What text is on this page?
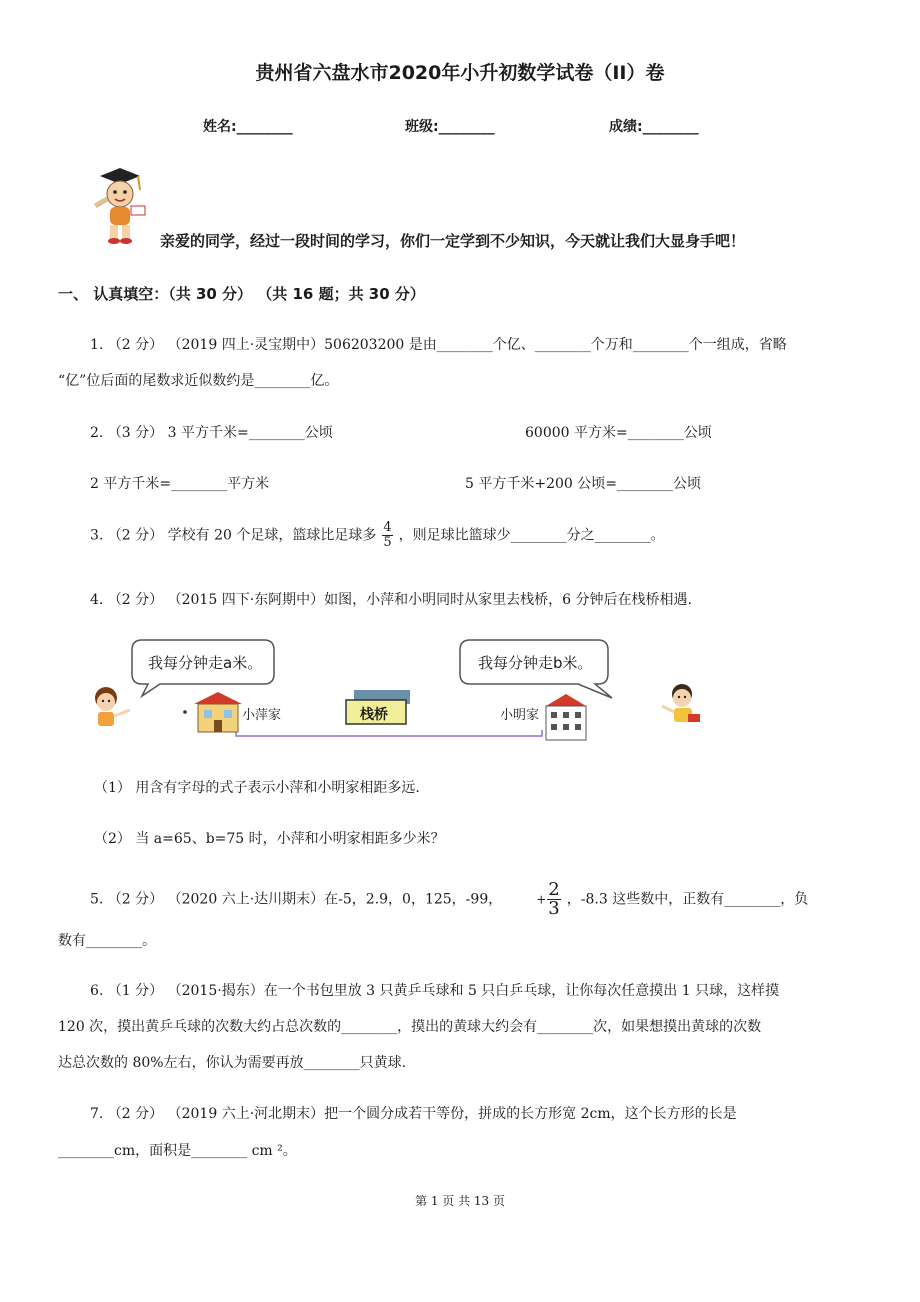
贵州省六盘水市2020年小升初数学试卷（II）卷
姓名:________	班级:________	成绩:________
亲爱的同学，经过一段时间的学习，你们一定学到不少知识，今天就让我们大显身手吧！
一、 认真填空：（共 30 分） （共 16 题；共 30 分）
1. （2 分） （2019 四上·灵宝期中）506203200 是由________个亿、________个万和________个一组成，省略
“亿”位后面的尾数求近似数约是________亿。
2. （3 分） 3 平方千米=________公顷	60000 平方米=________公顷
2 平方千米=________平方米	5 平方千米+200 公顷=________公顷
3. （2 分） 学校有 20 个足球，篮球比足球多 $\frac{4}{5}$ ，则足球比篮球少________分之________。
4. （2 分） （2015 四下·东阿期中）如图，小萍和小明同时从家里去栈桥，6 分钟后在栈桥相遇.
我每分钟走a米。	我每分钟走b米。
小萍家	栈桥	小明家
（1） 用含有字母的式子表示小萍和小明家相距多远.
（2） 当 a=65、b=75 时，小萍和小明家相距多少米？
5. （2 分） （2020 六上·达川期末）在-5，2.9，0，125，-99，	+ $\frac{2}{3}$ ，-8.3 这些数中，正数有________，负
数有________。
6. （1 分） （2015·揭东）在一个书包里放 3 只黄乒乓球和 5 只白乒乓球，让你每次任意摸出 1 只球，这样摸
120 次，摸出黄乒乓球的次数大约占总次数的________，摸出的黄球大约会有________次，如果想摸出黄球的次数
达总次数的 80%左右，你认为需要再放________只黄球.
7. （2 分） （2019 六上·河北期末）把一个圆分成若干等份，拼成的长方形宽 2cm，这个长方形的长是
________cm，面积是________ cm ²。
第 1 页 共 13 页
